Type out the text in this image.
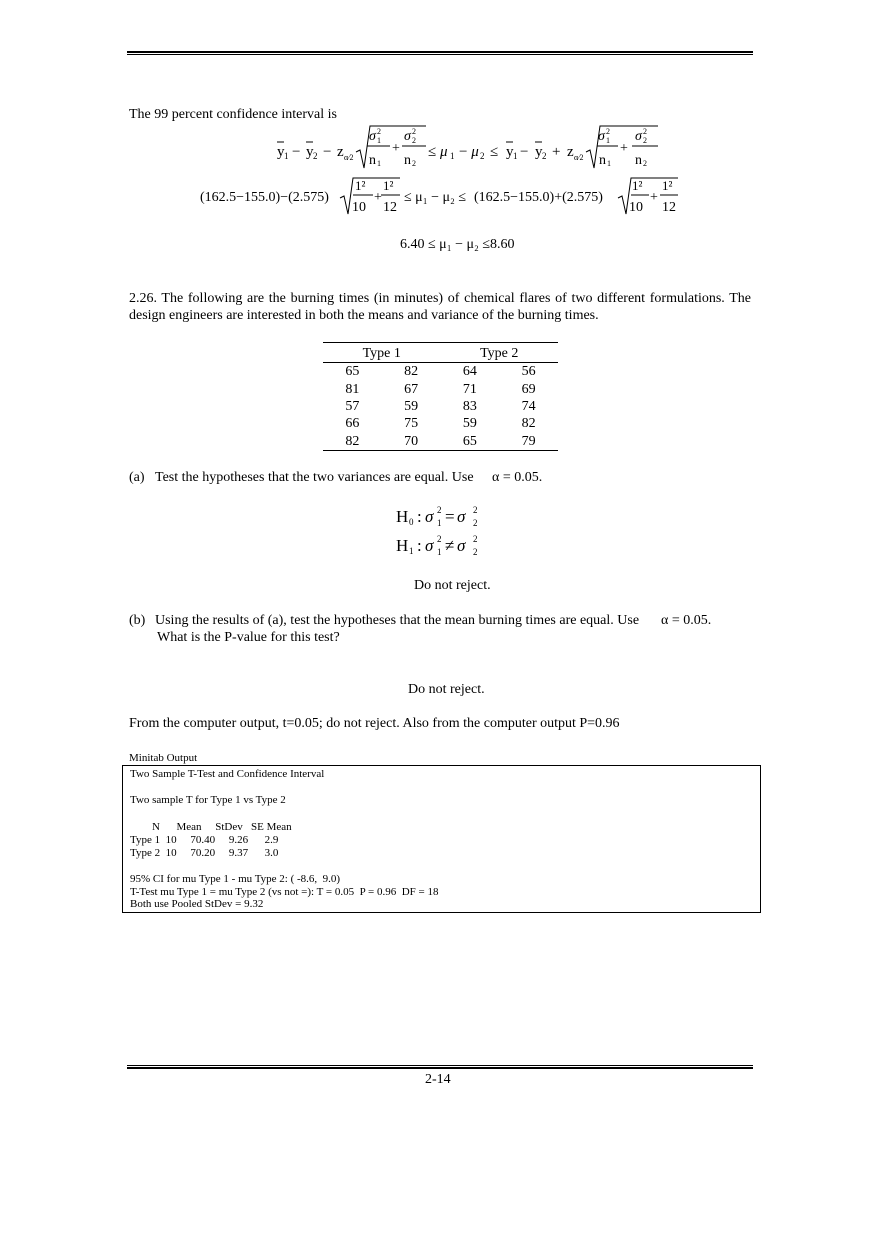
The 99 percent confidence interval is
y 1 − y 2 − z α⁄2
σ 2
1
n 1
+
σ 2
2
n 2
≤ μ 1 − μ 2 ≤ y 1 − y 2 + z α⁄2
σ 2
1
n 1
+
σ 2
2
n 2
(162.5−155.0)−(2.575)	+
1² 1²
10 12
≤ μ₁ − μ₂ ≤ (162.5−155.0)+(2.575)	+
1² 1²
10 12
6.40 ≤ μ₁ − μ₂ ≤8.60
2.26. The following are the burning times (in minutes) of chemical flares of two different formulations. The design engineers are interested in both the means and variance of the burning times.
Type 1		Type 2	
65	82	64	56
81	67	71	69
57	59	83	74
66	75	59	82
82	70	65	79
(a) Test the hypotheses that the two variances are equal. Use α = 0.05.
H 0 : σ 2
1 = σ 2
2
H 1 : σ 2
1 ≠ σ 2
2
Do not reject.
(b) Using the results of (a), test the hypotheses that the mean burning times are equal. Use α = 0.05.
What is the P-value for this test?
Do not reject.
From the computer output, t=0.05; do not reject. Also from the computer output P=0.96
Minitab Output
Two Sample T-Test and Confidence Interval
Two sample T for Type 1 vs Type 2
N      Mean     StDev   SE Mean
Type 1  10     70.40     9.26      2.9
Type 2  10     70.20     9.37      3.0
95% CI for mu Type 1 - mu Type 2: ( -8.6,  9.0)
T-Test mu Type 1 = mu Type 2 (vs not =): T = 0.05  P = 0.96  DF = 18
Both use Pooled StDev = 9.32
2-14
